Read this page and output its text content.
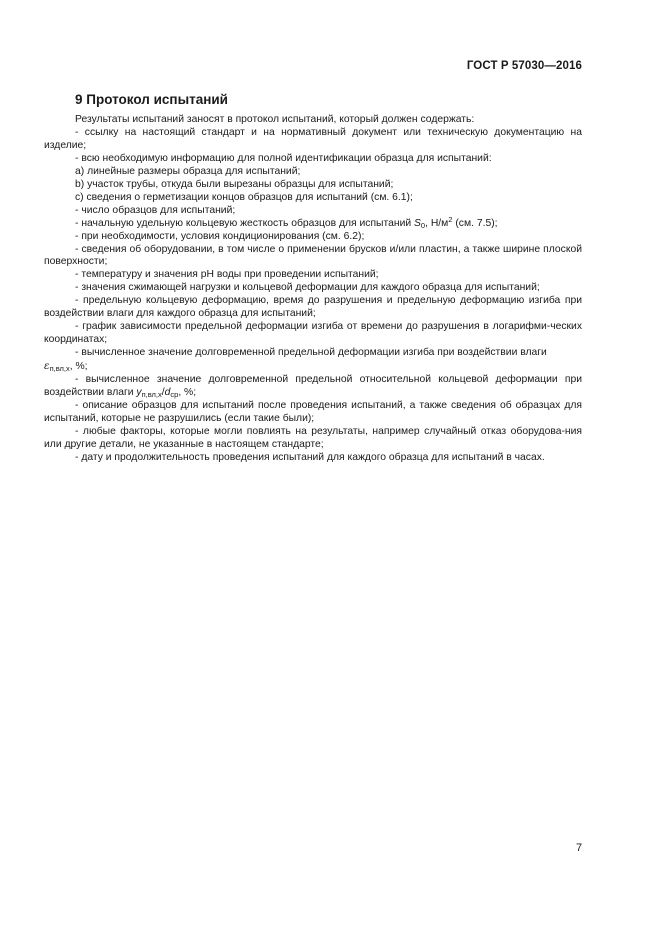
ГОСТ Р 57030—2016
9 Протокол испытаний

Результаты испытаний заносят в протокол испытаний, который должен содержать:

- ссылку на настоящий стандарт и на нормативный документ или техническую документацию на изделие;

- всю необходимую информацию для полной идентификации образца для испытаний:

а) линейные размеры образца для испытаний;

b) участок трубы, откуда были вырезаны образцы для испытаний;

с) сведения о герметизации концов образцов для испытаний (см. 6.1);

- число образцов для испытаний;

- начальную удельную кольцевую жесткость образцов для испытаний $S_0$, $Н/м^2$ (см. 7.5);

- при необходимости, условия кондиционирования (см. 6.2);

- сведения об оборудовании, в том числе о применении брусков и/или пластин, а также ширине плоской поверхности;

- температуру и значения рН воды при проведении испытаний;

- значения сжимающей нагрузки и кольцевой деформации для каждого образца для испытаний;

- предельную кольцевую деформацию, время до разрушения и предельную деформацию изгиба при воздействии влаги для каждого образца для испытаний;

- график зависимости предельной деформации изгиба от времени до разрушения в логарифми-ческих координатах;

- вычисленное значение долговременной предельной деформации изгиба при воздействии влаги
$\varepsilon_{п,вл,x}$, %;

- вычисленное значение долговременной предельной относительной кольцевой деформации при воздействии влаги $y_{п,вл,x}/d_{ср}$, %;

- описание образцов для испытаний после проведения испытаний, а также сведения об образцах для испытаний, которые не разрушились (если такие были);

- любые факторы, которые могли повлиять на результаты, например случайный отказ оборудова-ния или другие детали, не указанные в настоящем стандарте;

- дату и продолжительность проведения испытаний для каждого образца для испытаний в часах.

7
